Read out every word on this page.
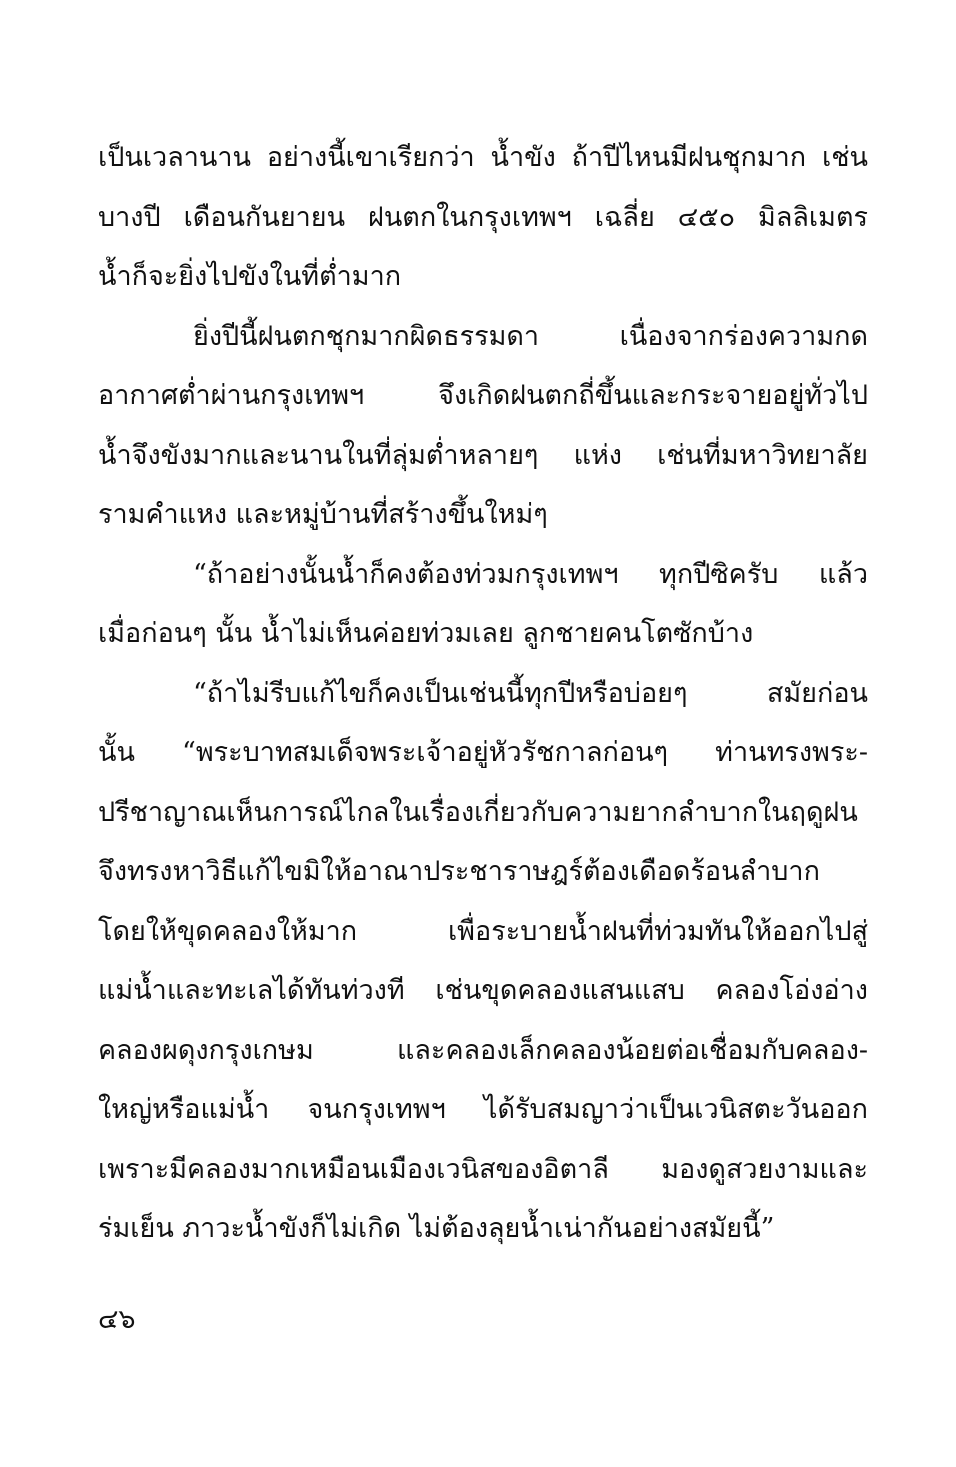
เป็นเวลานาน อย่างนี้เขาเรียกว่า น้ำขัง ถ้าปีไหนมีฝนชุกมาก เช่น
บางปี เดือนกันยายน ฝนตกในกรุงเทพฯ เฉลี่ย ๔๕๐ มิลลิเมตร
น้ำก็จะยิ่งไปขังในที่ต่ำมาก
ยิ่งปีนี้ฝนตกชุกมากผิดธรรมดา เนื่องจากร่องความกด
อากาศต่ำผ่านกรุงเทพฯ จึงเกิดฝนตกถี่ขึ้นและกระจายอยู่ทั่วไป
น้ำจึงขังมากและนานในที่ลุ่มต่ำหลายๆ แห่ง เช่นที่มหาวิทยาลัย
รามคำแหง และหมู่บ้านที่สร้างขึ้นใหม่ๆ
“ถ้าอย่างนั้นน้ำก็คงต้องท่วมกรุงเทพฯ ทุกปีซิครับ แล้ว
เมื่อก่อนๆ นั้น น้ำไม่เห็นค่อยท่วมเลย ลูกชายคนโตซักบ้าง
“ถ้าไม่รีบแก้ไขก็คงเป็นเช่นนี้ทุกปีหรือบ่อยๆ สมัยก่อน
นั้น “พระบาทสมเด็จพระเจ้าอยู่หัวรัชกาลก่อนๆ ท่านทรงพระ-
ปรีชาญาณเห็นการณ์ไกลในเรื่องเกี่ยวกับความยากลำบากในฤดูฝน
จึงทรงหาวิธีแก้ไขมิให้อาณาประชาราษฎร์ต้องเดือดร้อนลำบาก
โดยให้ขุดคลองให้มาก เพื่อระบายน้ำฝนที่ท่วมทันให้ออกไปสู่
แม่น้ำและทะเลได้ทันท่วงที เช่นขุดคลองแสนแสบ คลองโอ่งอ่าง
คลองผดุงกรุงเกษม และคลองเล็กคลองน้อยต่อเชื่อมกับคลอง-
ใหญ่หรือแม่น้ำ จนกรุงเทพฯ ได้รับสมญาว่าเป็นเวนิสตะวันออก
เพราะมีคลองมากเหมือนเมืองเวนิสของอิตาลี มองดูสวยงามและ
ร่มเย็น ภาวะน้ำขังก็ไม่เกิด ไม่ต้องลุยน้ำเน่ากันอย่างสมัยนี้”
๔๖
